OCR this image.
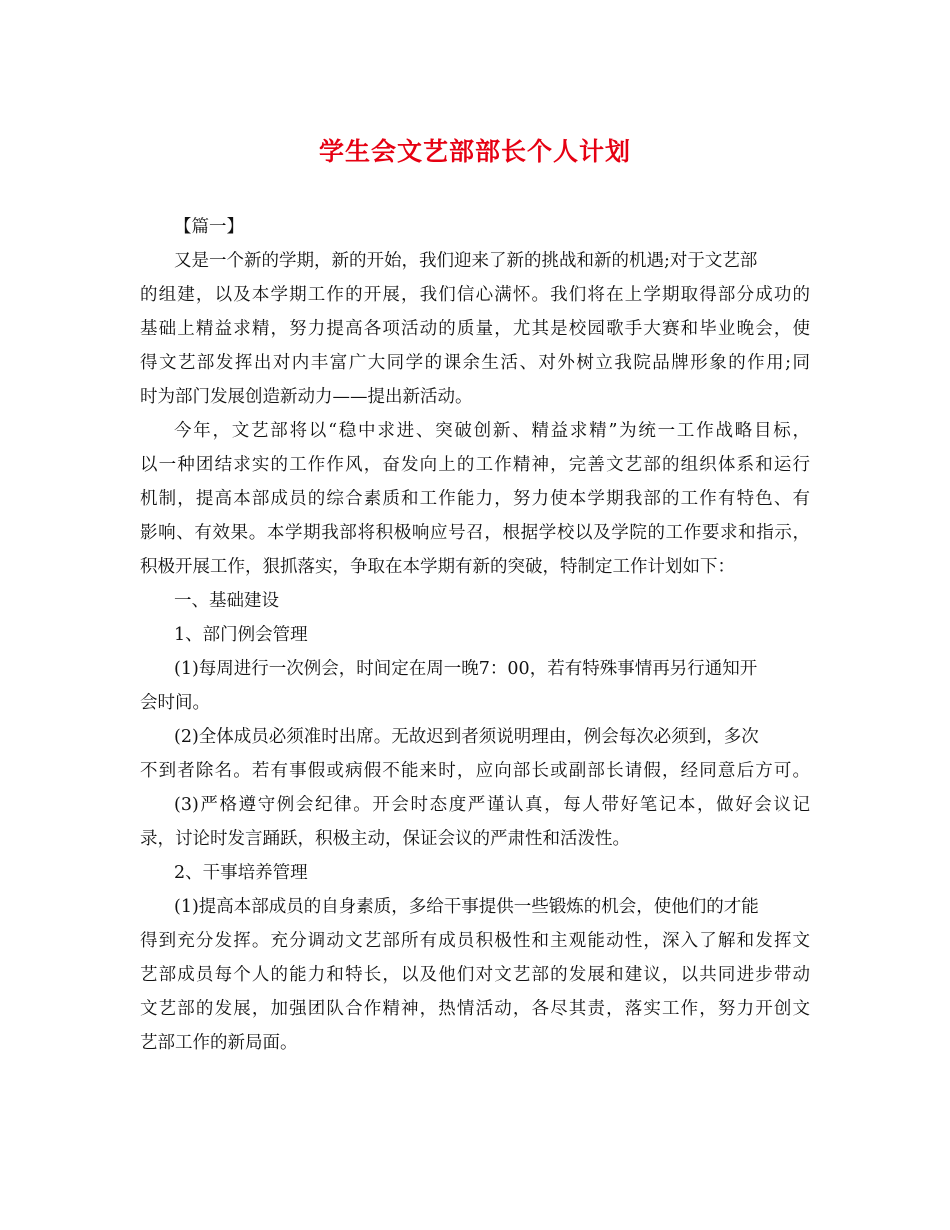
学生会文艺部部长个人计划
【篇一】
又是一个新的学期，新的开始，我们迎来了新的挑战和新的机遇;对于文艺部
的组建，以及本学期工作的开展，我们信心满怀。我们将在上学期取得部分成功的
基础上精益求精，努力提高各项活动的质量，尤其是校园歌手大赛和毕业晚会，使
得文艺部发挥出对内丰富广大同学的课余生活、对外树立我院品牌形象的作用;同
时为部门发展创造新动力——提出新活动。
今年，文艺部将以“稳中求进、突破创新、精益求精”为统一工作战略目标，
以一种团结求实的工作作风，奋发向上的工作精神，完善文艺部的组织体系和运行
机制，提高本部成员的综合素质和工作能力，努力使本学期我部的工作有特色、有
影响、有效果。本学期我部将积极响应号召，根据学校以及学院的工作要求和指示，
积极开展工作，狠抓落实，争取在本学期有新的突破，特制定工作计划如下：
一、基础建设
1、部门例会管理
(1)每周进行一次例会，时间定在周一晚7：00，若有特殊事情再另行通知开
会时间。
(2)全体成员必须准时出席。无故迟到者须说明理由，例会每次必须到，多次
不到者除名。若有事假或病假不能来时，应向部长或副部长请假，经同意后方可。
(3)严格遵守例会纪律。开会时态度严谨认真，每人带好笔记本，做好会议记
录，讨论时发言踊跃，积极主动，保证会议的严肃性和活泼性。
2、干事培养管理
(1)提高本部成员的自身素质，多给干事提供一些锻炼的机会，使他们的才能
得到充分发挥。充分调动文艺部所有成员积极性和主观能动性，深入了解和发挥文
艺部成员每个人的能力和特长，以及他们对文艺部的发展和建议，以共同进步带动
文艺部的发展，加强团队合作精神，热情活动，各尽其责，落实工作，努力开创文
艺部工作的新局面。
